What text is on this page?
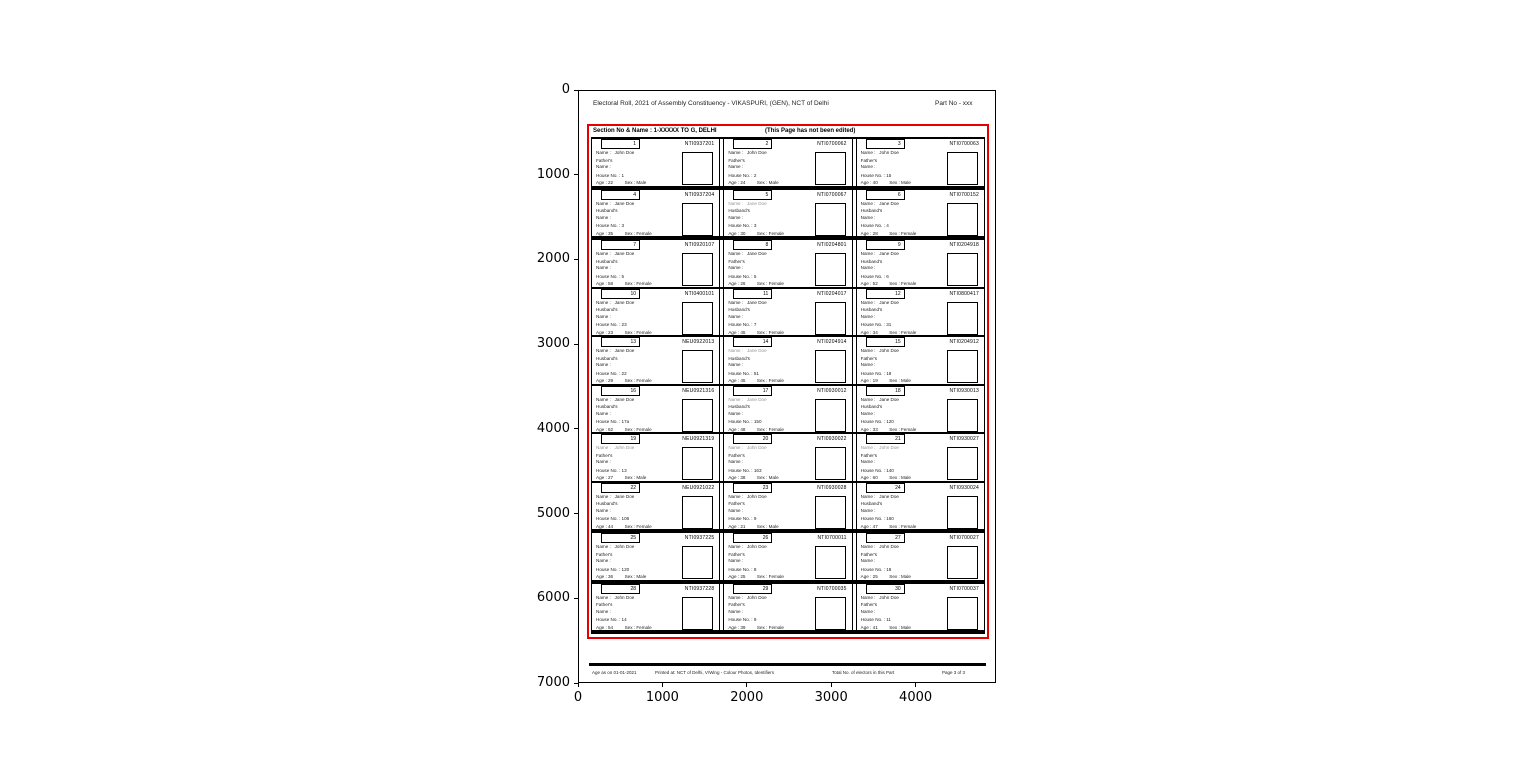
Electoral Roll, 2021 of Assembly Constituency - VIKASPURI, (GEN), NCT of Delhi	Part No - xxx
Section No & Name : 1-XXXXX TO G, DELHI	(This Page has not been edited)
1	NTI0937201
Name :   John Doe
Father's
Name :
House No. : 1
Age : 22         Sex : Male
2	NTI0700062
Name :   John Doe
Father's
Name :
House No. : 2
Age : 24         Sex : Male
3	NTI0700063
Name :   John Doe
Father's
Name :
House No. : 15
Age : 40         Sex : Male
4	NTI0937204
Name :   Jane Doe
Husband's
Name :
House No. : 3
Age : 35         Sex : Female
5	NTI0700067
Name :   Jane Doe
Husband's
Name :
House No. : 3
Age : 30         Sex : Female
6	NTI0700152
Name :   Jane Doe
Husband's
Name :
House No. : 4
Age : 28         Sex : Female
7	NTI0920107
Name :   Jane Doe
Husband's
Name :
House No. : 5
Age : 58         Sex : Female
8	NTI0204801
Name :   Jane Doe
Father's
Name :
House No. : 5
Age : 26         Sex : Female
9	NTI0204918
Name :   Jane Doe
Husband's
Name :
House No. : 6
Age : 52         Sex : Female
10	NTI0400101
Name :   Jane Doe
Husband's
Name :
House No. : 23
Age : 23         Sex : Female
11	NTI0204017
Name :   Jane Doe
Husband's
Name :
House No. : 7
Age : 45         Sex : Female
12	NTI0800417
Name :   Jane Doe
Husband's
Name :
House No. : 31
Age : 34         Sex : Female
13	NEU0922013
Name :   Jane Doe
Husband's
Name :
House No. : 22
Age : 29         Sex : Female
14	NTI0204914
Name :   Jane Doe
Husband's
Name :
House No. : 51
Age : 45         Sex : Female
15	NTI0204912
Name :   John Doe
Father's
Name :
House No. : 18
Age : 19         Sex : Male
16	NEU0921316
Name :   Jane Doe
Husband's
Name :
House No. : 17a
Age : 62         Sex : Female
17	NTI0930012
Name :   Jane Doe
Husband's
Name :
House No. : 150
Age : 48         Sex : Female
18	NTI0930013
Name :   Jane Doe
Husband's
Name :
House No. : 120
Age : 33         Sex : Female
19	NEU0921319
Name :   John Doe
Father's
Name :
House No. : 13
Age : 27         Sex : Male
20	NTI0930022
Name :   John Doe
Father's
Name :
House No. : 163
Age : 38         Sex : Male
21	NTI0930027
Name :   John Doe
Father's
Name :
House No. : 140
Age : 60         Sex : Male
22	NEU0921022
Name :   Jane Doe
Husband's
Name :
House No. : 106
Age : 44         Sex : Female
23	NTI0930028
Name :   John Doe
Father's
Name :
House No. : 9
Age : 21         Sex : Male
24	NTI0930024
Name :   Jane Doe
Husband's
Name :
House No. : 160
Age : 47         Sex : Female
25	NTI0937225
Name :   John Doe
Father's
Name :
House No. : 120
Age : 36         Sex : Male
26	NTI0700011
Name :   John Doe
Father's
Name :
House No. : 8
Age : 25         Sex : Female
27	NTI0700027
Name :   John Doe
Father's
Name :
House No. : 18
Age : 25         Sex : Male
28	NTI0937228
Name :   John Doe
Father's
Name :
House No. : 14
Age : 54         Sex : Female
29	NTI0700035
Name :   John Doe
Father's
Name :
House No. : 9
Age : 39         Sex : Female
30	NTI0700037
Name :   John Doe
Father's
Name :
House No. : 11
Age : 41         Sex : Male
Age as on 01-01-2021	Printed at: NCT of Delhi, V/Wing - Colour Photos, Identifiers	Total No. of electors in this Part	Page 3 of 3
0	1000	2000	3000	4000
0
1000
2000
3000
4000
5000
6000
7000
